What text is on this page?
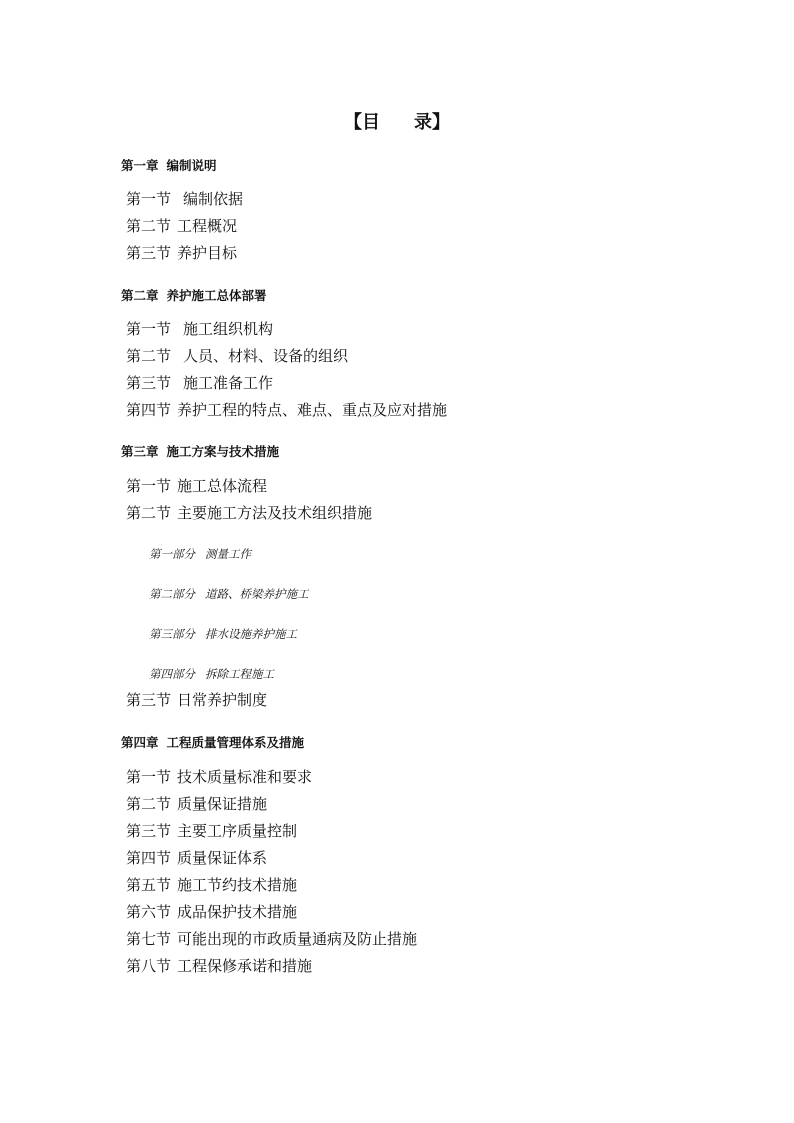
【目 录】
第一章 编制说明
第一节 编制依据
第二节 工程概况
第三节 养护目标
第二章 养护施工总体部署
第一节 施工组织机构
第二节 人员、材料、设备的组织
第三节 施工准备工作
第四节 养护工程的特点、难点、重点及应对措施
第三章 施工方案与技术措施
第一节 施工总体流程
第二节 主要施工方法及技术组织措施
第一部分 测量工作
第二部分 道路、桥梁养护施工
第三部分 排水设施养护施工
第四部分 拆除工程施工
第三节 日常养护制度
第四章 工程质量管理体系及措施
第一节 技术质量标准和要求
第二节 质量保证措施
第三节 主要工序质量控制
第四节 质量保证体系
第五节 施工节约技术措施
第六节 成品保护技术措施
第七节 可能出现的市政质量通病及防止措施
第八节 工程保修承诺和措施
